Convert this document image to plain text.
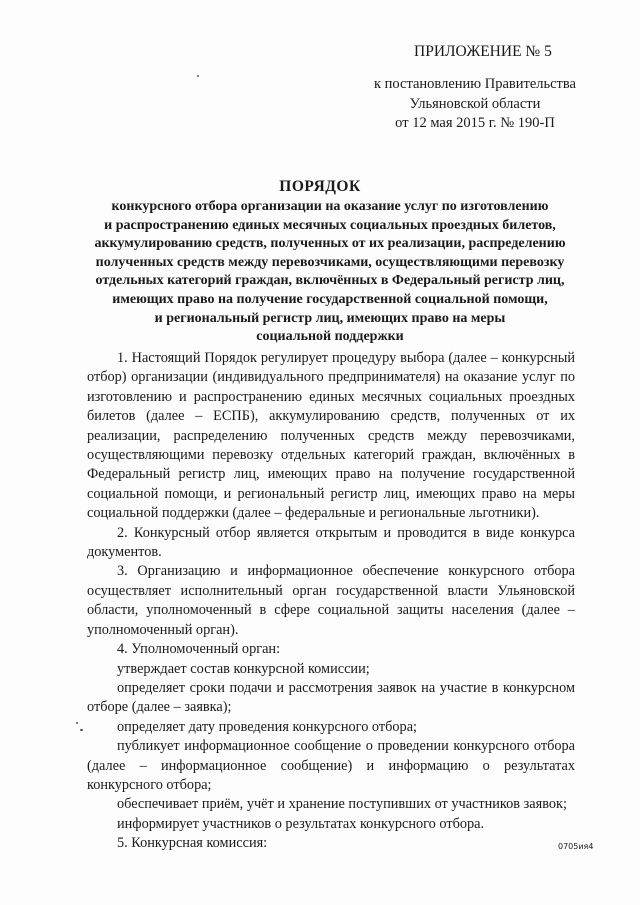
ПРИЛОЖЕНИЕ № 5
к постановлению Правительства
Ульяновской области
от 12 мая 2015 г. № 190-П
ПОРЯДОК
конкурсного отбора организации на оказание услуг по изготовлению
и распространению единых месячных социальных проездных билетов,
аккумулированию средств, полученных от их реализации, распределению
полученных средств между перевозчиками, осуществляющими перевозку
отдельных категорий граждан, включённых в Федеральный регистр лиц,
имеющих право на получение государственной социальной помощи,
и региональный регистр лиц, имеющих право на меры
социальной поддержки

1. Настоящий Порядок регулирует процедуру выбора (далее – конкурсный отбор) организации (индивидуального предпринимателя) на оказание услуг по изготовлению и распространению единых месячных социальных проездных билетов (далее – ЕСПБ), аккумулированию средств, полученных от их реализации, распределению полученных средств между перевозчиками, осуществляющими перевозку отдельных категорий граждан, включённых в Федеральный регистр лиц, имеющих право на получение государственной социальной помощи, и региональный регистр лиц, имеющих право на меры социальной поддержки (далее – федеральные и региональные льготники).

2. Конкурсный отбор является открытым и проводится в виде конкурса документов.

3. Организацию и информационное обеспечение конкурсного отбора осуществляет исполнительный орган государственной власти Ульяновской области, уполномоченный в сфере социальной защиты населения (далее – уполномоченный орган).

4. Уполномоченный орган:

утверждает состав конкурсной комиссии;

определяет сроки подачи и рассмотрения заявок на участие в конкурсном отборе (далее – заявка);

определяет дату проведения конкурсного отбора;

публикует информационное сообщение о проведении конкурсного отбора (далее – информационное сообщение) и информацию о результатах конкурсного отбора;

обеспечивает приём, учёт и хранение поступивших от участников заявок;

информирует участников о результатах конкурсного отбора.

5. Конкурсная комиссия:	0705ия4
